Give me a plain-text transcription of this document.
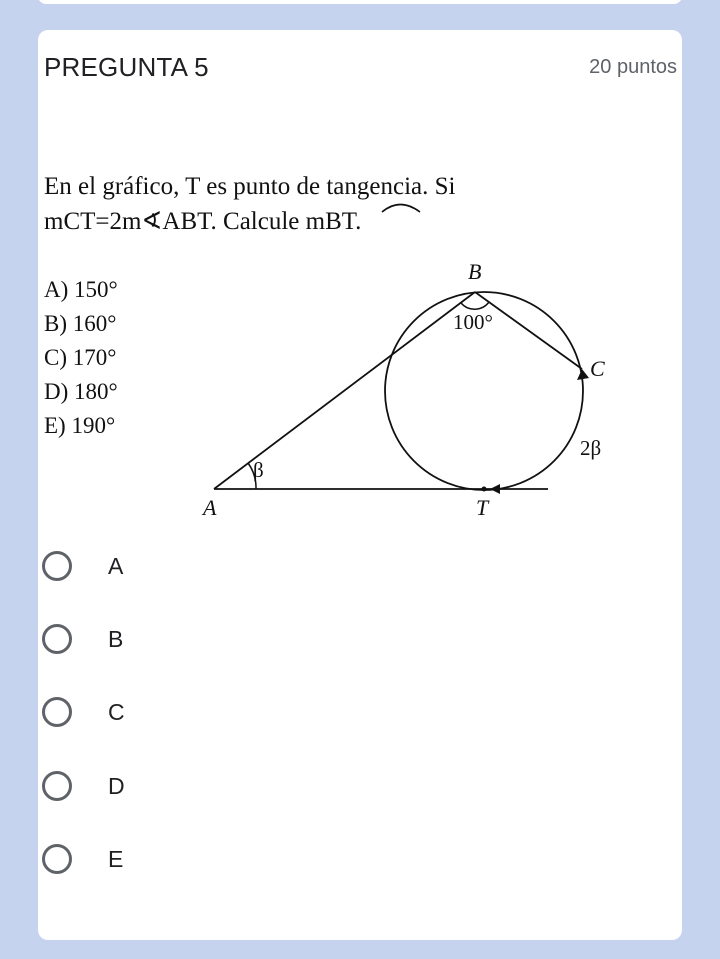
PREGUNTA 5	20 puntos
En el gráfico, T es punto de tangencia. Si
mCT=2m∢ABT. Calcule mBT.
A) 150°
B) 160°
C) 170°
D) 180°
E) 190°
B
C
A	T
100°
β
2β
A
B
C
D
E
